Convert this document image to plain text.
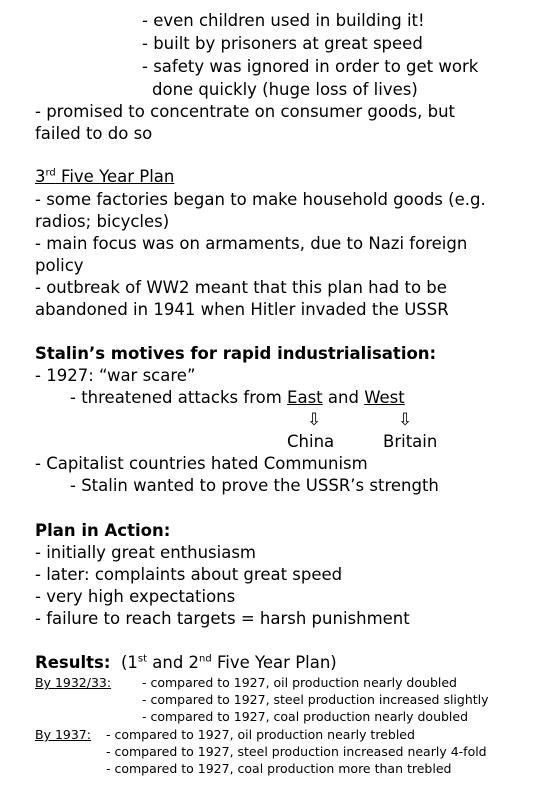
- even children used in building it!
- built by prisoners at great speed
- safety was ignored in order to get work
done quickly (huge loss of lives)
- promised to concentrate on consumer goods, but
failed to do so
3rd Five Year Plan
- some factories began to make household goods (e.g.
radios; bicycles)
- main focus was on armaments, due to Nazi foreign
policy
- outbreak of WW2 meant that this plan had to be
abandoned in 1941 when Hitler invaded the USSR
Stalin’s motives for rapid industrialisation:
- 1927: “war scare”
- threatened attacks from East and West
⇩	⇩
China	Britain
- Capitalist countries hated Communism
- Stalin wanted to prove the USSR’s strength
Plan in Action:
- initially great enthusiasm
- later: complaints about great speed
- very high expectations
- failure to reach targets = harsh punishment
Results: (1st and 2nd Five Year Plan)
By 1932/33: - compared to 1927, oil production nearly doubled
- compared to 1927, steel production increased slightly
- compared to 1927, coal production nearly doubled
By 1937: - compared to 1927, oil production nearly trebled
- compared to 1927, steel production increased nearly 4-fold
- compared to 1927, coal production more than trebled
